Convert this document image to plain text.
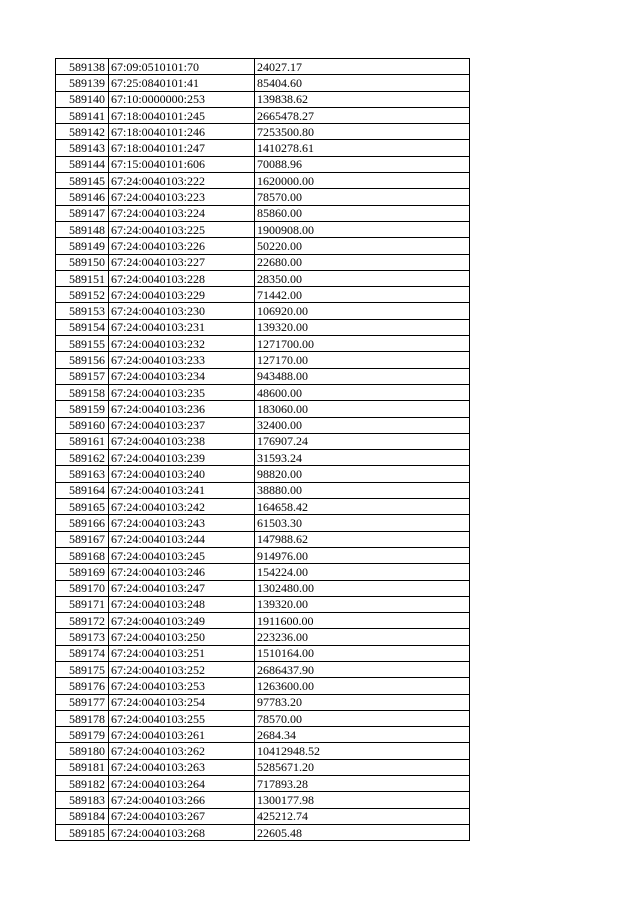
589138	67:09:0510101:70	24027.17
589139	67:25:0840101:41	85404.60
589140	67:10:0000000:253	139838.62
589141	67:18:0040101:245	2665478.27
589142	67:18:0040101:246	7253500.80
589143	67:18:0040101:247	1410278.61
589144	67:15:0040101:606	70088.96
589145	67:24:0040103:222	1620000.00
589146	67:24:0040103:223	78570.00
589147	67:24:0040103:224	85860.00
589148	67:24:0040103:225	1900908.00
589149	67:24:0040103:226	50220.00
589150	67:24:0040103:227	22680.00
589151	67:24:0040103:228	28350.00
589152	67:24:0040103:229	71442.00
589153	67:24:0040103:230	106920.00
589154	67:24:0040103:231	139320.00
589155	67:24:0040103:232	1271700.00
589156	67:24:0040103:233	127170.00
589157	67:24:0040103:234	943488.00
589158	67:24:0040103:235	48600.00
589159	67:24:0040103:236	183060.00
589160	67:24:0040103:237	32400.00
589161	67:24:0040103:238	176907.24
589162	67:24:0040103:239	31593.24
589163	67:24:0040103:240	98820.00
589164	67:24:0040103:241	38880.00
589165	67:24:0040103:242	164658.42
589166	67:24:0040103:243	61503.30
589167	67:24:0040103:244	147988.62
589168	67:24:0040103:245	914976.00
589169	67:24:0040103:246	154224.00
589170	67:24:0040103:247	1302480.00
589171	67:24:0040103:248	139320.00
589172	67:24:0040103:249	1911600.00
589173	67:24:0040103:250	223236.00
589174	67:24:0040103:251	1510164.00
589175	67:24:0040103:252	2686437.90
589176	67:24:0040103:253	1263600.00
589177	67:24:0040103:254	97783.20
589178	67:24:0040103:255	78570.00
589179	67:24:0040103:261	2684.34
589180	67:24:0040103:262	10412948.52
589181	67:24:0040103:263	5285671.20
589182	67:24:0040103:264	717893.28
589183	67:24:0040103:266	1300177.98
589184	67:24:0040103:267	425212.74
589185	67:24:0040103:268	22605.48
